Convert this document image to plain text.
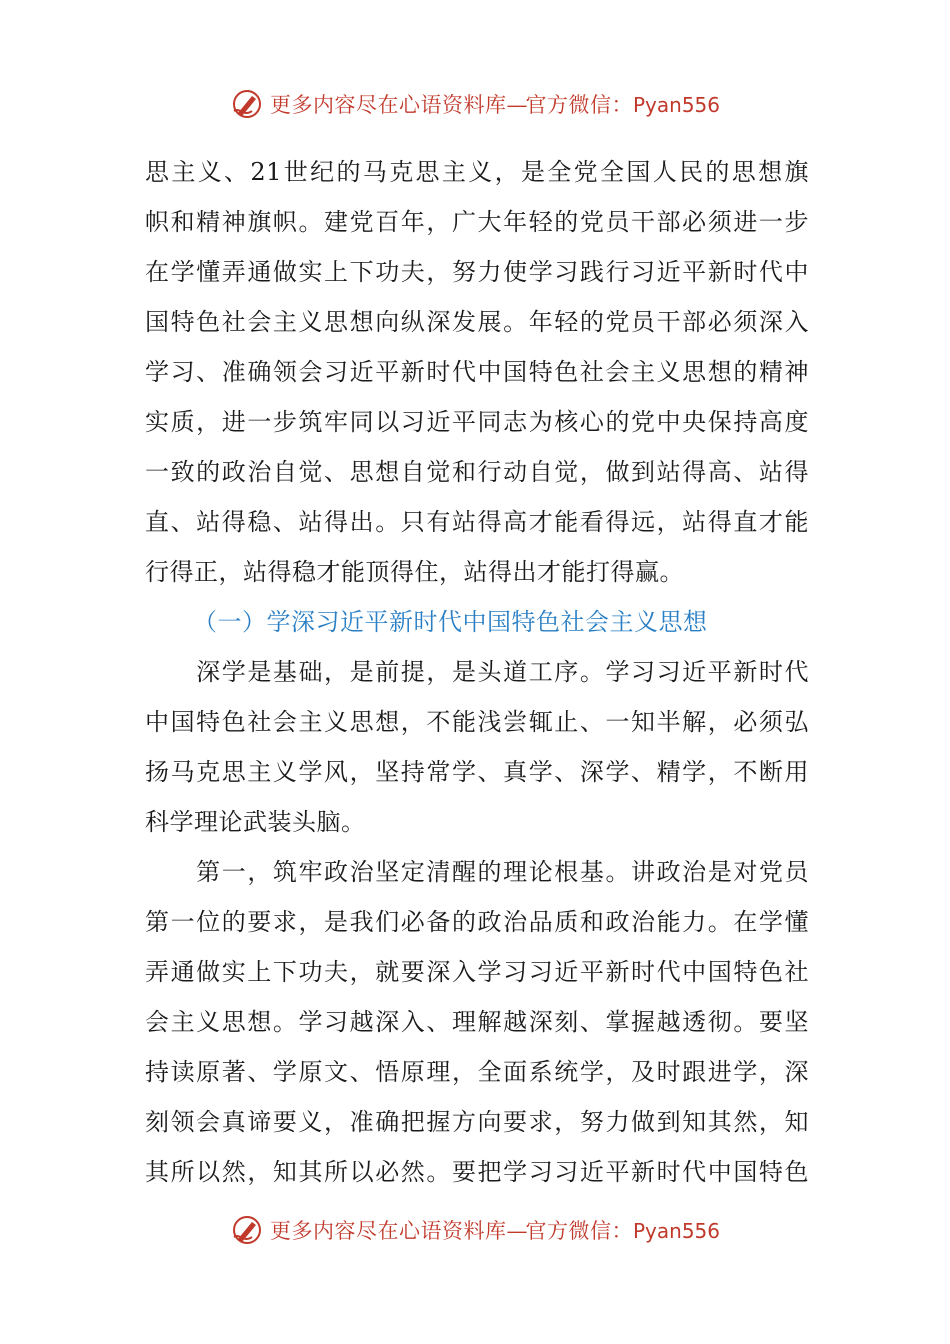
更多内容尽在心语资料库—官方微信：Pyan556
思主义、21世纪的马克思主义，是全党全国人民的思想旗
帜和精神旗帜。建党百年，广大年轻的党员干部必须进一步
在学懂弄通做实上下功夫，努力使学习践行习近平新时代中
国特色社会主义思想向纵深发展。年轻的党员干部必须深入
学习、准确领会习近平新时代中国特色社会主义思想的精神
实质，进一步筑牢同以习近平同志为核心的党中央保持高度
一致的政治自觉、思想自觉和行动自觉，做到站得高、站得
直、站得稳、站得出。只有站得高才能看得远，站得直才能
行得正，站得稳才能顶得住，站得出才能打得赢。
（一）学深习近平新时代中国特色社会主义思想
　　深学是基础，是前提，是头道工序。学习习近平新时代
中国特色社会主义思想，不能浅尝辄止、一知半解，必须弘
扬马克思主义学风，坚持常学、真学、深学、精学，不断用
科学理论武装头脑。
　　第一，筑牢政治坚定清醒的理论根基。讲政治是对党员
第一位的要求，是我们必备的政治品质和政治能力。在学懂
弄通做实上下功夫，就要深入学习习近平新时代中国特色社
会主义思想。学习越深入、理解越深刻、掌握越透彻。要坚
持读原著、学原文、悟原理，全面系统学，及时跟进学，深
刻领会真谛要义，准确把握方向要求，努力做到知其然，知
其所以然，知其所以必然。要把学习习近平新时代中国特色
更多内容尽在心语资料库—官方微信：Pyan556
